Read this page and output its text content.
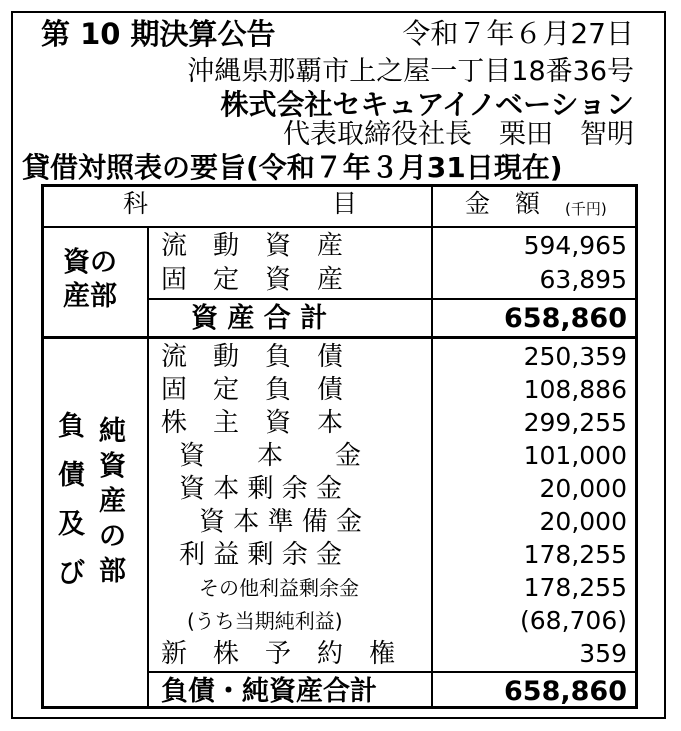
第 10 期決算公告	令和７年６月27日
沖縄県那覇市上之屋一丁目18番36号
株式会社セキュアイノベーション
代表取締役社長　栗田　智明
貸借対照表の要旨(令和７年３月31日現在)
科	目	金　額 (千円)
資の
産部
流　動　資　産	594,965
固　定　資　産	63,895
資 産 合 計	658,860
負
債
及
び
純
資
産
の
部
流　動　負　債	250,359
固　定　負　債	108,886
株　主　資　本	299,255
資　　本　　金	101,000
資 本 剰 余 金	20,000
資 本 準 備 金	20,000
利 益 剰 余 金	178,255
その他利益剰余金	178,255
(うち当期純利益)	(68,706)
新　株　予　約　権	359
負債・純資産合計	658,860
